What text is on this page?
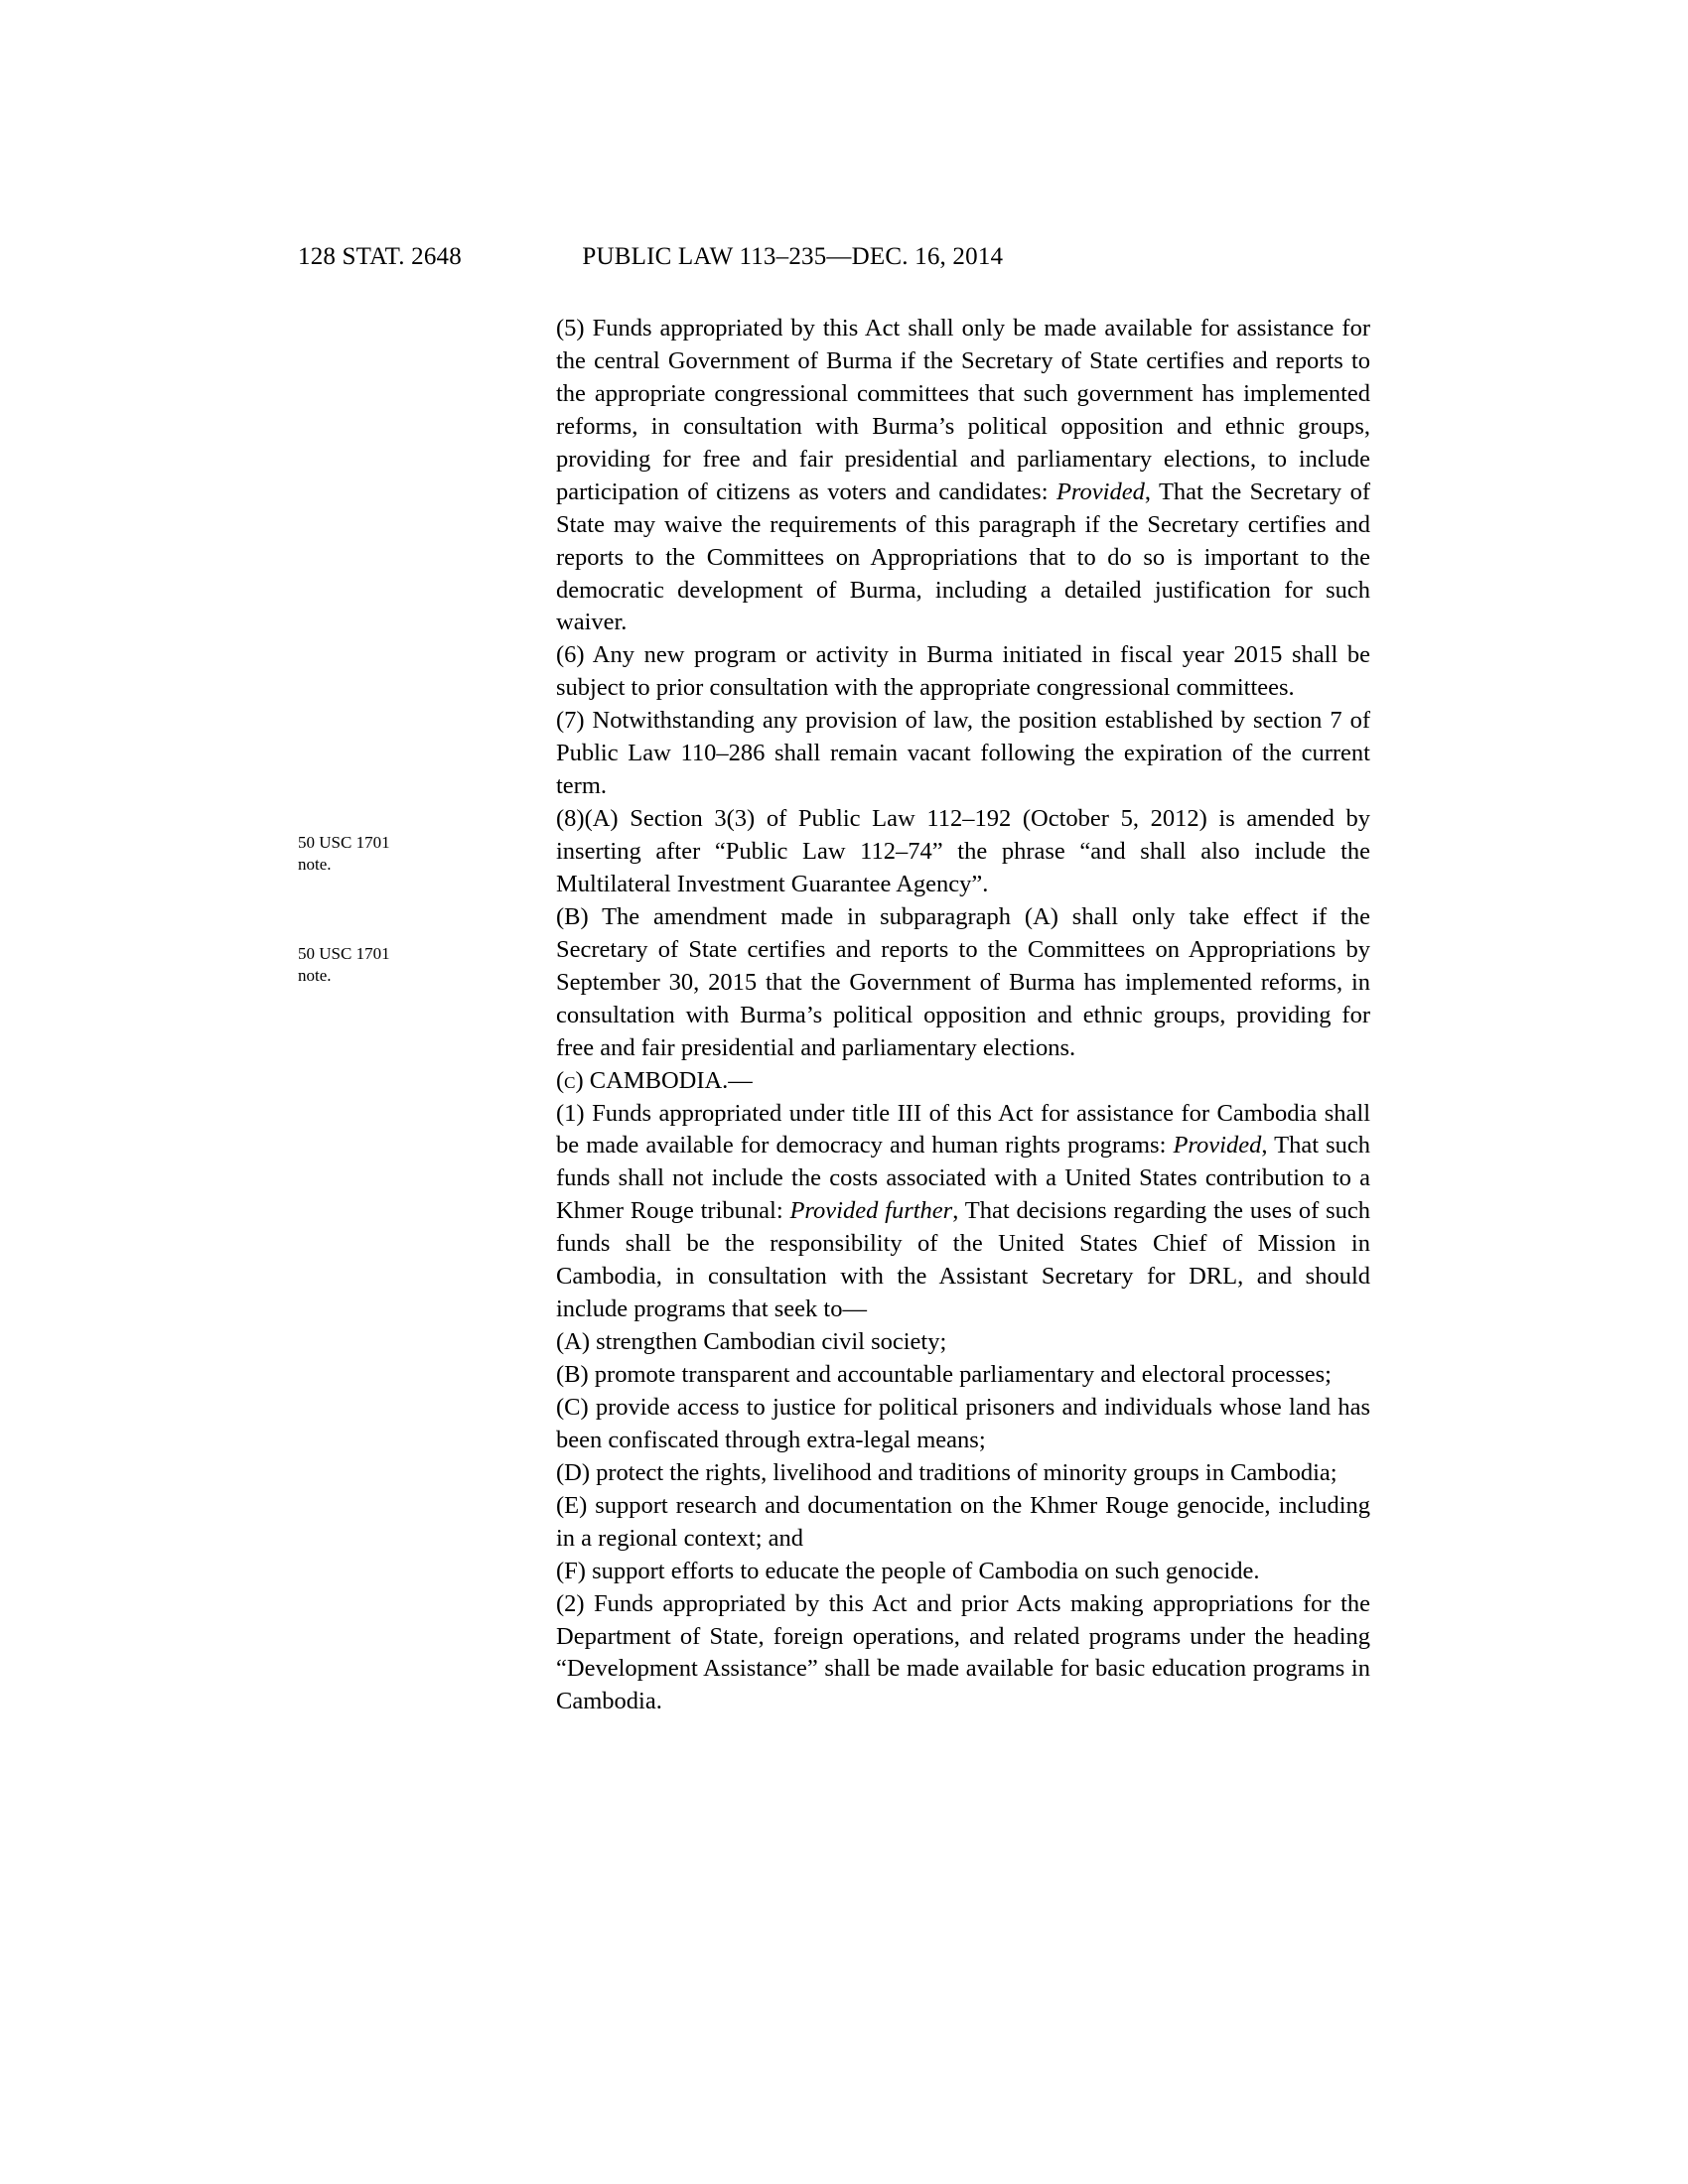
128 STAT. 2648	PUBLIC LAW 113–235—DEC. 16, 2014
50 USC 1701
note.
50 USC 1701
note.

(5) Funds appropriated by this Act shall only be made available for assistance for the central Government of Burma if the Secretary of State certifies and reports to the appropriate congressional committees that such government has implemented reforms, in consultation with Burma’s political opposition and ethnic groups, providing for free and fair presidential and parliamentary elections, to include participation of citizens as voters and candidates: Provided, That the Secretary of State may waive the requirements of this paragraph if the Secretary certifies and reports to the Committees on Appropriations that to do so is important to the democratic development of Burma, including a detailed justification for such waiver.

(6) Any new program or activity in Burma initiated in fiscal year 2015 shall be subject to prior consultation with the appropriate congressional committees.

(7) Notwithstanding any provision of law, the position established by section 7 of Public Law 110–286 shall remain vacant following the expiration of the current term.

(8)(A) Section 3(3) of Public Law 112–192 (October 5, 2012) is amended by inserting after “Public Law 112–74” the phrase “and shall also include the Multilateral Investment Guarantee Agency”.

(B) The amendment made in subparagraph (A) shall only take effect if the Secretary of State certifies and reports to the Committees on Appropriations by September 30, 2015 that the Government of Burma has implemented reforms, in consultation with Burma’s political opposition and ethnic groups, providing for free and fair presidential and parliamentary elections.

(c) CAMBODIA.—

(1) Funds appropriated under title III of this Act for assistance for Cambodia shall be made available for democracy and human rights programs: Provided, That such funds shall not include the costs associated with a United States contribution to a Khmer Rouge tribunal: Provided further, That decisions regarding the uses of such funds shall be the responsibility of the United States Chief of Mission in Cambodia, in consultation with the Assistant Secretary for DRL, and should include programs that seek to—

(A) strengthen Cambodian civil society;

(B) promote transparent and accountable parliamentary and electoral processes;

(C) provide access to justice for political prisoners and individuals whose land has been confiscated through extra-legal means;

(D) protect the rights, livelihood and traditions of minority groups in Cambodia;

(E) support research and documentation on the Khmer Rouge genocide, including in a regional context; and

(F) support efforts to educate the people of Cambodia on such genocide.

(2) Funds appropriated by this Act and prior Acts making appropriations for the Department of State, foreign operations, and related programs under the heading “Development Assistance” shall be made available for basic education programs in Cambodia.
